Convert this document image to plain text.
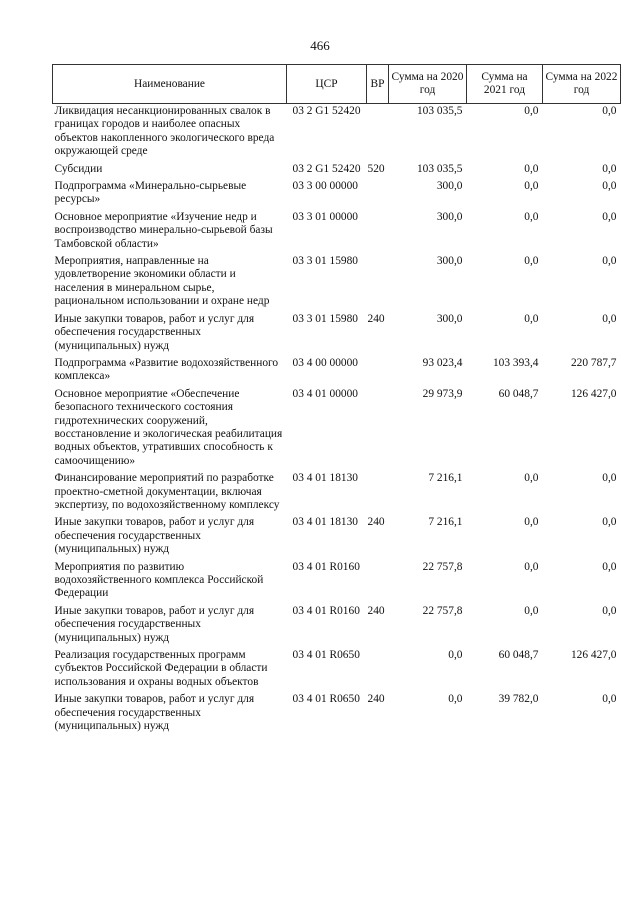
466
Наименование	ЦСР	ВР	Сумма на 2020 год	Сумма на 2021 год	Сумма на 2022 год
Ликвидация несанкционированных свалок в границах городов и наиболее опасных объектов накопленного экологического вреда окружающей среде	03 2 G1 52420		103 035,5	0,0	0,0
Субсидии	03 2 G1 52420	520	103 035,5	0,0	0,0
Подпрограмма «Минерально-сырьевые ресурсы»	03 3 00 00000		300,0	0,0	0,0
Основное мероприятие «Изучение недр и воспроизводство минерально-сырьевой базы Тамбовской области»	03 3 01 00000		300,0	0,0	0,0
Мероприятия, направленные на удовлетворение экономики области и населения в минеральном сырье, рациональном использовании и охране недр	03 3 01 15980		300,0	0,0	0,0
Иные закупки товаров, работ и услуг для обеспечения государственных (муниципальных) нужд	03 3 01 15980	240	300,0	0,0	0,0
Подпрограмма «Развитие водохозяйственного комплекса»	03 4 00 00000		93 023,4	103 393,4	220 787,7
Основное мероприятие «Обеспечение безопасного технического состояния гидротехнических сооружений, восстановление и экологическая реабилитация водных объектов, утративших способность к самоочищению»	03 4 01 00000		29 973,9	60 048,7	126 427,0
Финансирование мероприятий по разработке проектно-сметной документации, включая экспертизу, по водохозяйственному комплексу	03 4 01 18130		7 216,1	0,0	0,0
Иные закупки товаров, работ и услуг для обеспечения государственных (муниципальных) нужд	03 4 01 18130	240	7 216,1	0,0	0,0
Мероприятия по развитию водохозяйственного комплекса Российской Федерации	03 4 01 R0160		22 757,8	0,0	0,0
Иные закупки товаров, работ и услуг для обеспечения государственных (муниципальных) нужд	03 4 01 R0160	240	22 757,8	0,0	0,0
Реализация государственных программ субъектов Российской Федерации в области использования и охраны водных объектов	03 4 01 R0650		0,0	60 048,7	126 427,0
Иные закупки товаров, работ и услуг для обеспечения государственных (муниципальных) нужд	03 4 01 R0650	240	0,0	39 782,0	0,0
